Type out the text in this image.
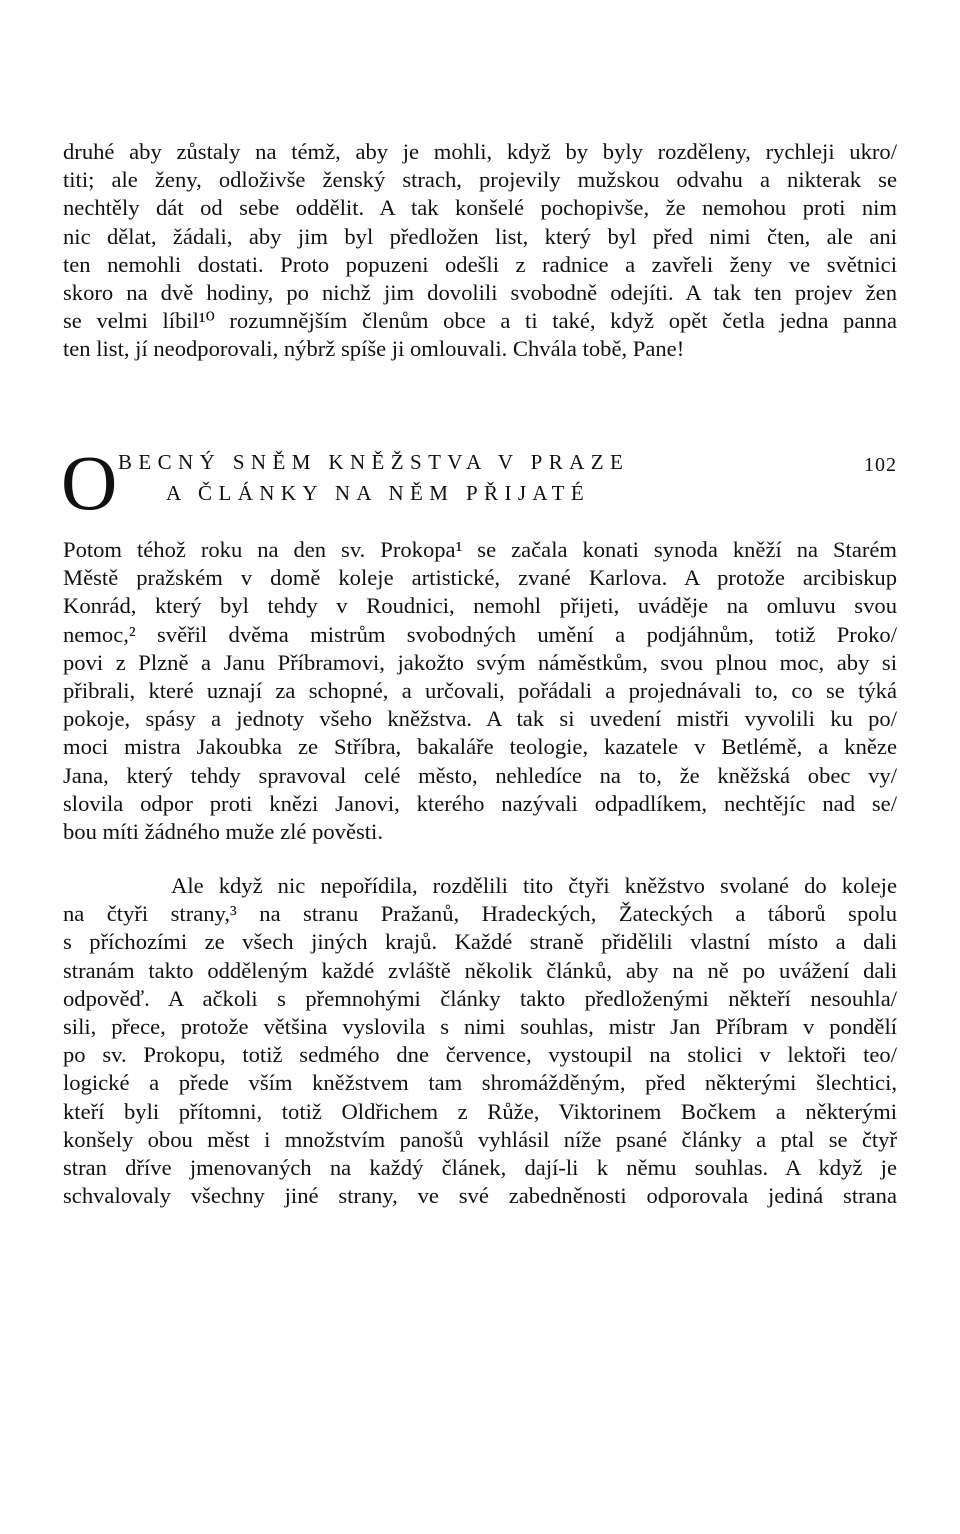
druhé aby zůstaly na témž, aby je mohli, když by byly rozděleny, rychleji ukro/
titi; ale ženy, odloživše ženský strach, projevily mužskou odvahu a nikterak se
nechtěly dát od sebe oddělit. A tak konšelé pochopivše, že nemohou proti nim
nic dělat, žádali, aby jim byl předložen list, který byl před nimi čten, ale ani
ten nemohli dostati. Proto popuzeni odešli z radnice a zavřeli ženy ve světnici
skoro na dvě hodiny, po nichž jim dovolili svobodně odejíti. A tak ten projev žen
se velmi líbil¹⁰ rozumnějším členům obce a ti také, když opět četla jedna panna
ten list, jí neodporovali, nýbrž spíše ji omlouvali. Chvála tobě, Pane!
O BECNÝ SNĚM KNĚŽSTVA V PRAZE
A ČLÁNKY NA NĚM PŘIJATÉ
102
Potom téhož roku na den sv. Prokopa¹ se začala konati synoda kněží na Starém
Městě pražském v domě koleje artistické, zvané Karlova. A protože arcibiskup
Konrád, který byl tehdy v Roudnici, nemohl přijeti, uváděje na omluvu svou
nemoc,² svěřil dvěma mistrům svobodných umění a podjáhnům, totiž Proko/
povi z Plzně a Janu Příbramovi, jakožto svým náměstkům, svou plnou moc, aby si
přibrali, které uznají za schopné, a určovali, pořádali a projednávali to, co se týká
pokoje, spásy a jednoty všeho kněžstva. A tak si uvedení mistři vyvolili ku po/
moci mistra Jakoubka ze Stříbra, bakaláře teologie, kazatele v Betlémě, a kněze
Jana, který tehdy spravoval celé město, nehledíce na to, že kněžská obec vy/
slovila odpor proti knězi Janovi, kterého nazývali odpadlíkem, nechtějíc nad se/
bou míti žádného muže zlé pověsti.
Ale když nic nepořídila, rozdělili tito čtyři kněžstvo svolané do koleje
na čtyři strany,³ na stranu Pražanů, Hradeckých, Žateckých a táborů spolu
s příchozími ze všech jiných krajů. Každé straně přidělili vlastní místo a dali
stranám takto odděleným každé zvláště několik článků, aby na ně po uvážení dali
odpověď. A ačkoli s přemnohými články takto předloženými někteří nesouhla/
sili, přece, protože většina vyslovila s nimi souhlas, mistr Jan Příbram v pondělí
po sv. Prokopu, totiž sedmého dne července, vystoupil na stolici v lektoři teo/
logické a přede vším kněžstvem tam shromážděným, před některými šlechtici,
kteří byli přítomni, totiž Oldřichem z Růže, Viktorinem Bočkem a některými
konšely obou měst i množstvím panošů vyhlásil níže psané články a ptal se čtyř
stran dříve jmenovaných na každý článek, dají-li k němu souhlas. A když je
schvalovaly všechny jiné strany, ve své zabedněnosti odporovala jediná strana
